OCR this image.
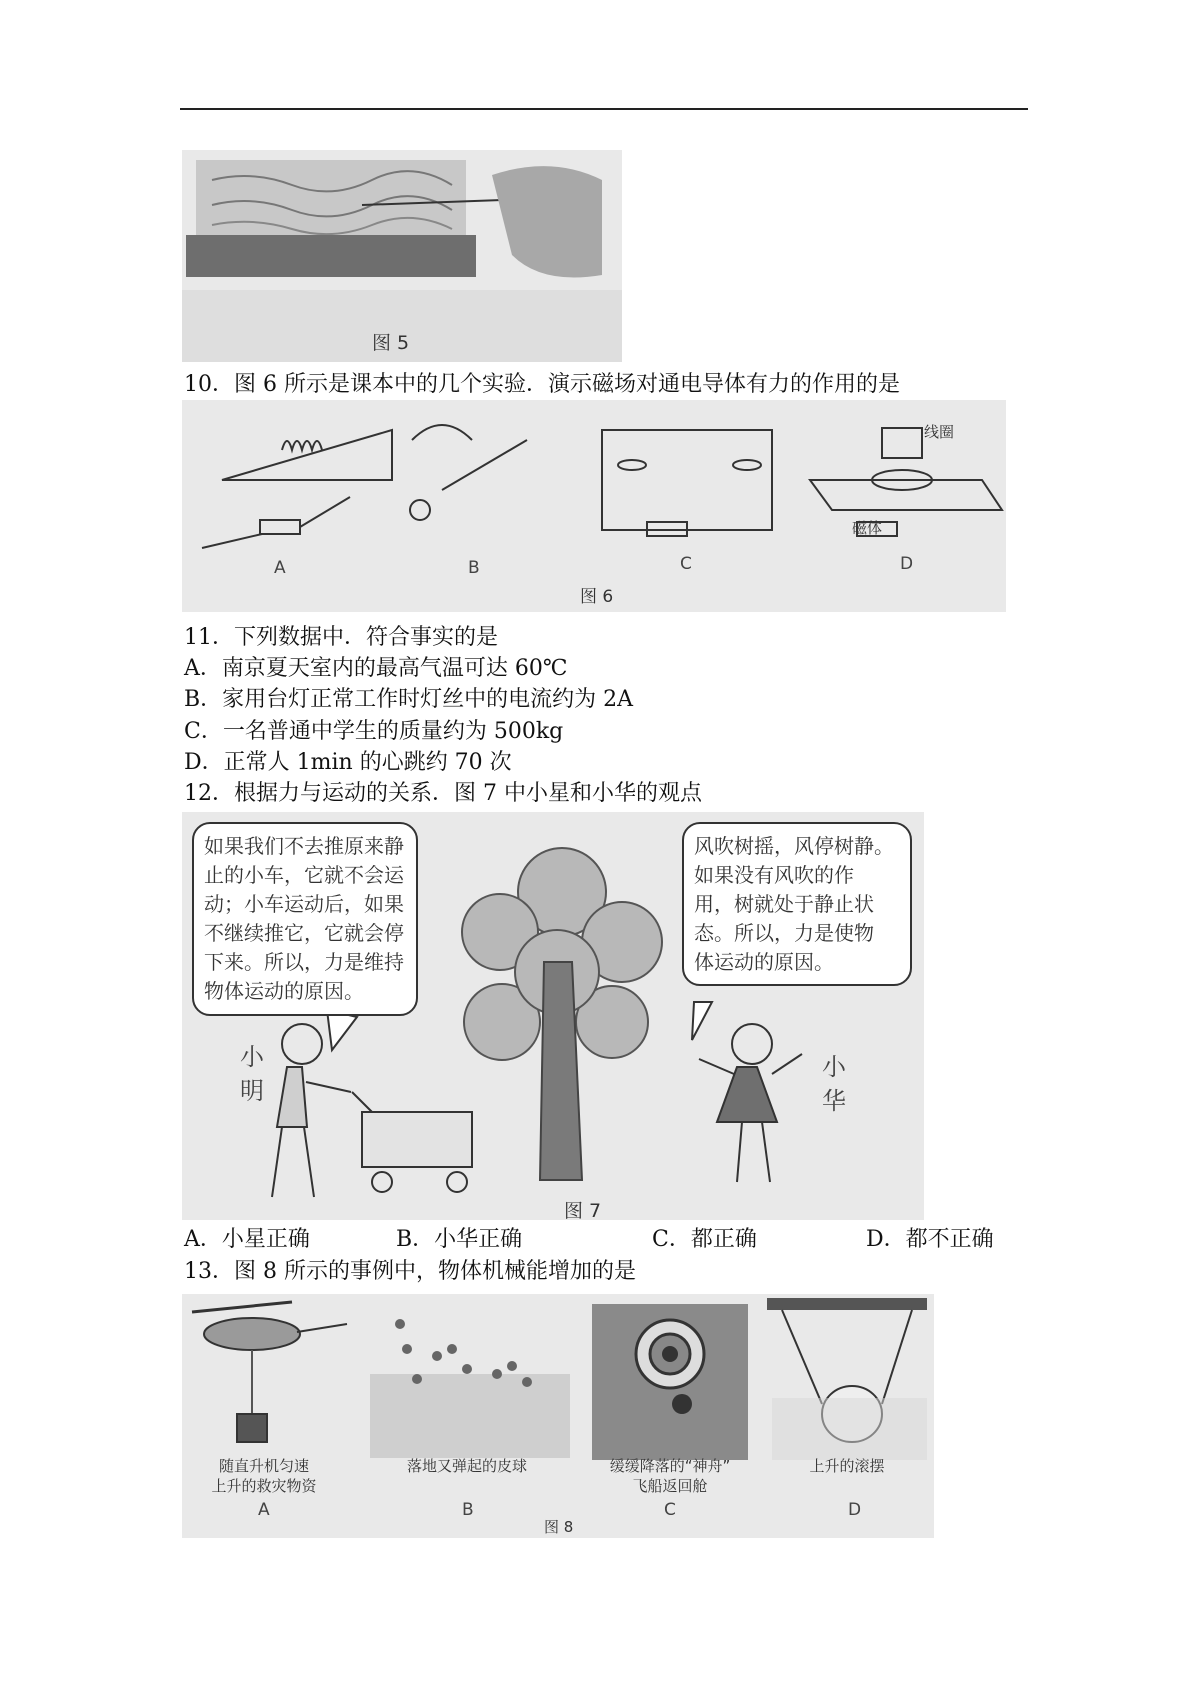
图 5
10．图 6 所示是课本中的几个实验．演示磁场对通电导体有力的作用的是
线圈
磁体
A	B	C	D
图 6
11．下列数据中．符合事实的是
A．南京夏天室内的最高气温可达 60℃
B．家用台灯正常工作时灯丝中的电流约为 2A
C．一名普通中学生的质量约为 500kg
D．正常人 1min 的心跳约 70 次
12．根据力与运动的关系．图 7 中小星和小华的观点
如果我们不去推原来静
止的小车，它就不会运
动；小车运动后，如果
不继续推它，它就会停
下来。所以，力是维持
物体运动的原因。
风吹树摇，风停树静。
如果没有风吹的作
用，树就处于静止状
态。所以，力是使物
体运动的原因。
小明
小华
图 7
A．小星正确	B．小华正确	C．都正确	D．都不正确
13．图 8 所示的事例中，物体机械能增加的是
随直升机匀速
上升的救灾物资
落地又弹起的皮球	缓缓降落的“神舟”
飞船返回舱
上升的滚摆
A	B	C	D
图 8
